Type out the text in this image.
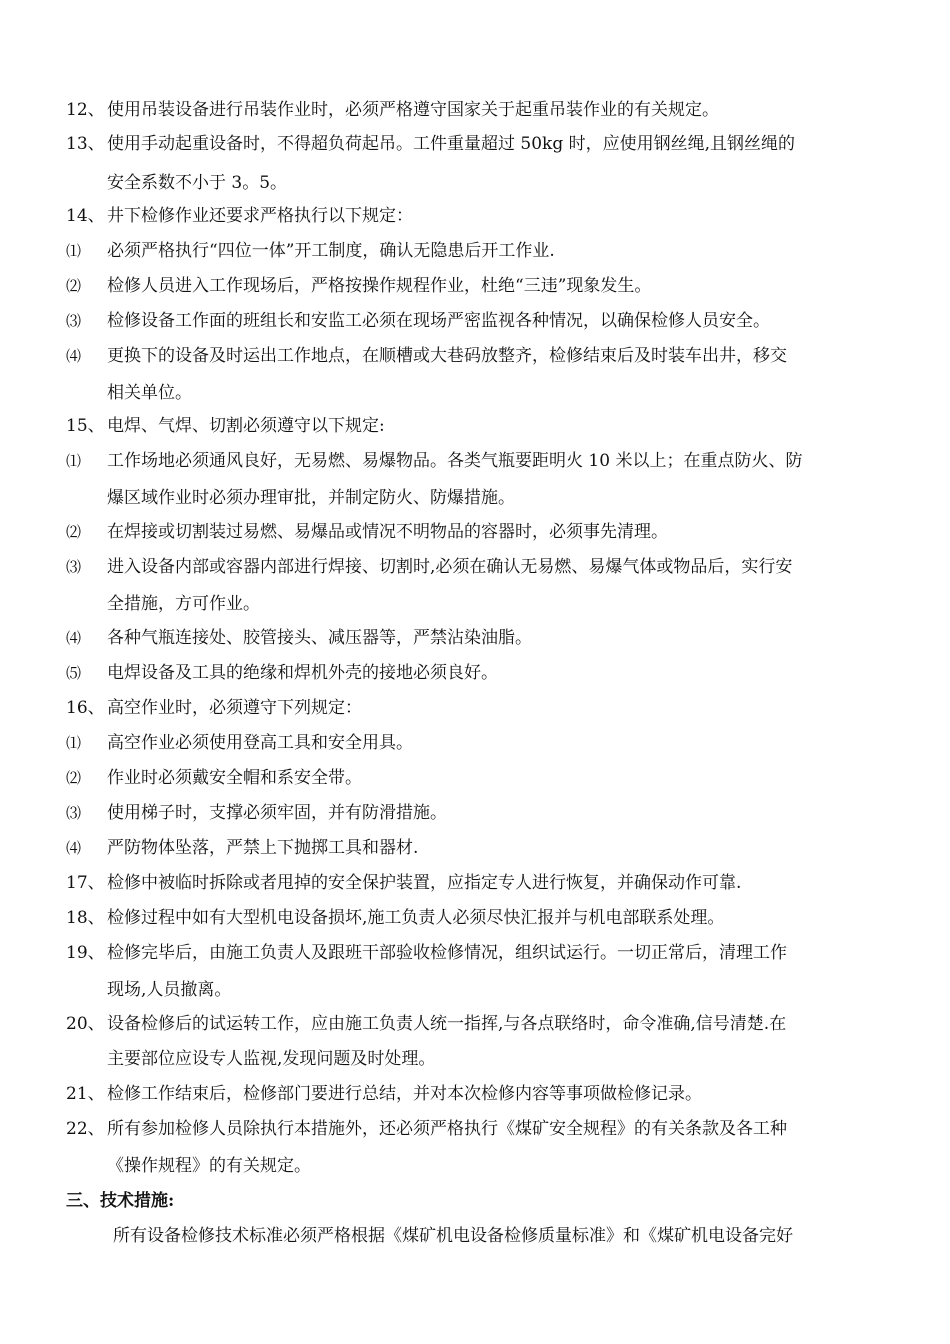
12、 使用吊装设备进行吊装作业时，必须严格遵守国家关于起重吊装作业的有关规定。
13、 使用手动起重设备时，不得超负荷起吊。工件重量超过 50kg 时，应使用钢丝绳,且钢丝绳的
安全系数不小于 3。5。
14、 井下检修作业还要求严格执行以下规定：
⑴ 必须严格执行“四位一体”开工制度，确认无隐患后开工作业.
⑵ 检修人员进入工作现场后，严格按操作规程作业，杜绝“三违”现象发生。
⑶ 检修设备工作面的班组长和安监工必须在现场严密监视各种情况，以确保检修人员安全。
⑷ 更换下的设备及时运出工作地点，在顺槽或大巷码放整齐，检修结束后及时装车出井，移交
相关单位。
15、 电焊、气焊、切割必须遵守以下规定:
⑴ 工作场地必须通风良好，无易燃、易爆物品。各类气瓶要距明火 10 米以上；在重点防火、防
爆区域作业时必须办理审批，并制定防火、防爆措施。
⑵ 在焊接或切割装过易燃、易爆品或情况不明物品的容器时，必须事先清理。
⑶ 进入设备内部或容器内部进行焊接、切割时,必须在确认无易燃、易爆气体或物品后，实行安
全措施，方可作业。
⑷ 各种气瓶连接处、胶管接头、减压器等，严禁沾染油脂。
⑸ 电焊设备及工具的绝缘和焊机外壳的接地必须良好。
16、 高空作业时，必须遵守下列规定：
⑴ 高空作业必须使用登高工具和安全用具。
⑵ 作业时必须戴安全帽和系安全带。
⑶ 使用梯子时，支撑必须牢固，并有防滑措施。
⑷ 严防物体坠落，严禁上下抛掷工具和器材.
17、 检修中被临时拆除或者甩掉的安全保护装置，应指定专人进行恢复，并确保动作可靠.
18、 检修过程中如有大型机电设备损坏,施工负责人必须尽快汇报并与机电部联系处理。
19、 检修完毕后，由施工负责人及跟班干部验收检修情况，组织试运行。一切正常后，清理工作
现场,人员撤离。
20、 设备检修后的试运转工作，应由施工负责人统一指挥,与各点联络时，命令准确,信号清楚.在
主要部位应设专人监视,发现问题及时处理。
21、 检修工作结束后，检修部门要进行总结，并对本次检修内容等事项做检修记录。
22、 所有参加检修人员除执行本措施外，还必须严格执行《煤矿安全规程》的有关条款及各工种
《操作规程》的有关规定。
三、技术措施:
所有设备检修技术标准必须严格根据《煤矿机电设备检修质量标准》和《煤矿机电设备完好
